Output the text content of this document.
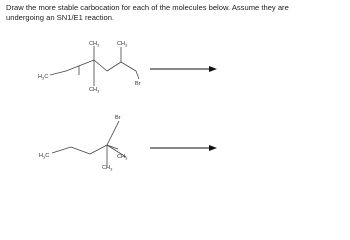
Draw the more stable carbocation for each of the molecules below. Assume they are
undergoing an SN1/E1 reaction.

$CH_3$	$CH_3$
$H_3C$
$CH_3$
Br
Br
$H_3C$	$CH_3$
$CH_3$
